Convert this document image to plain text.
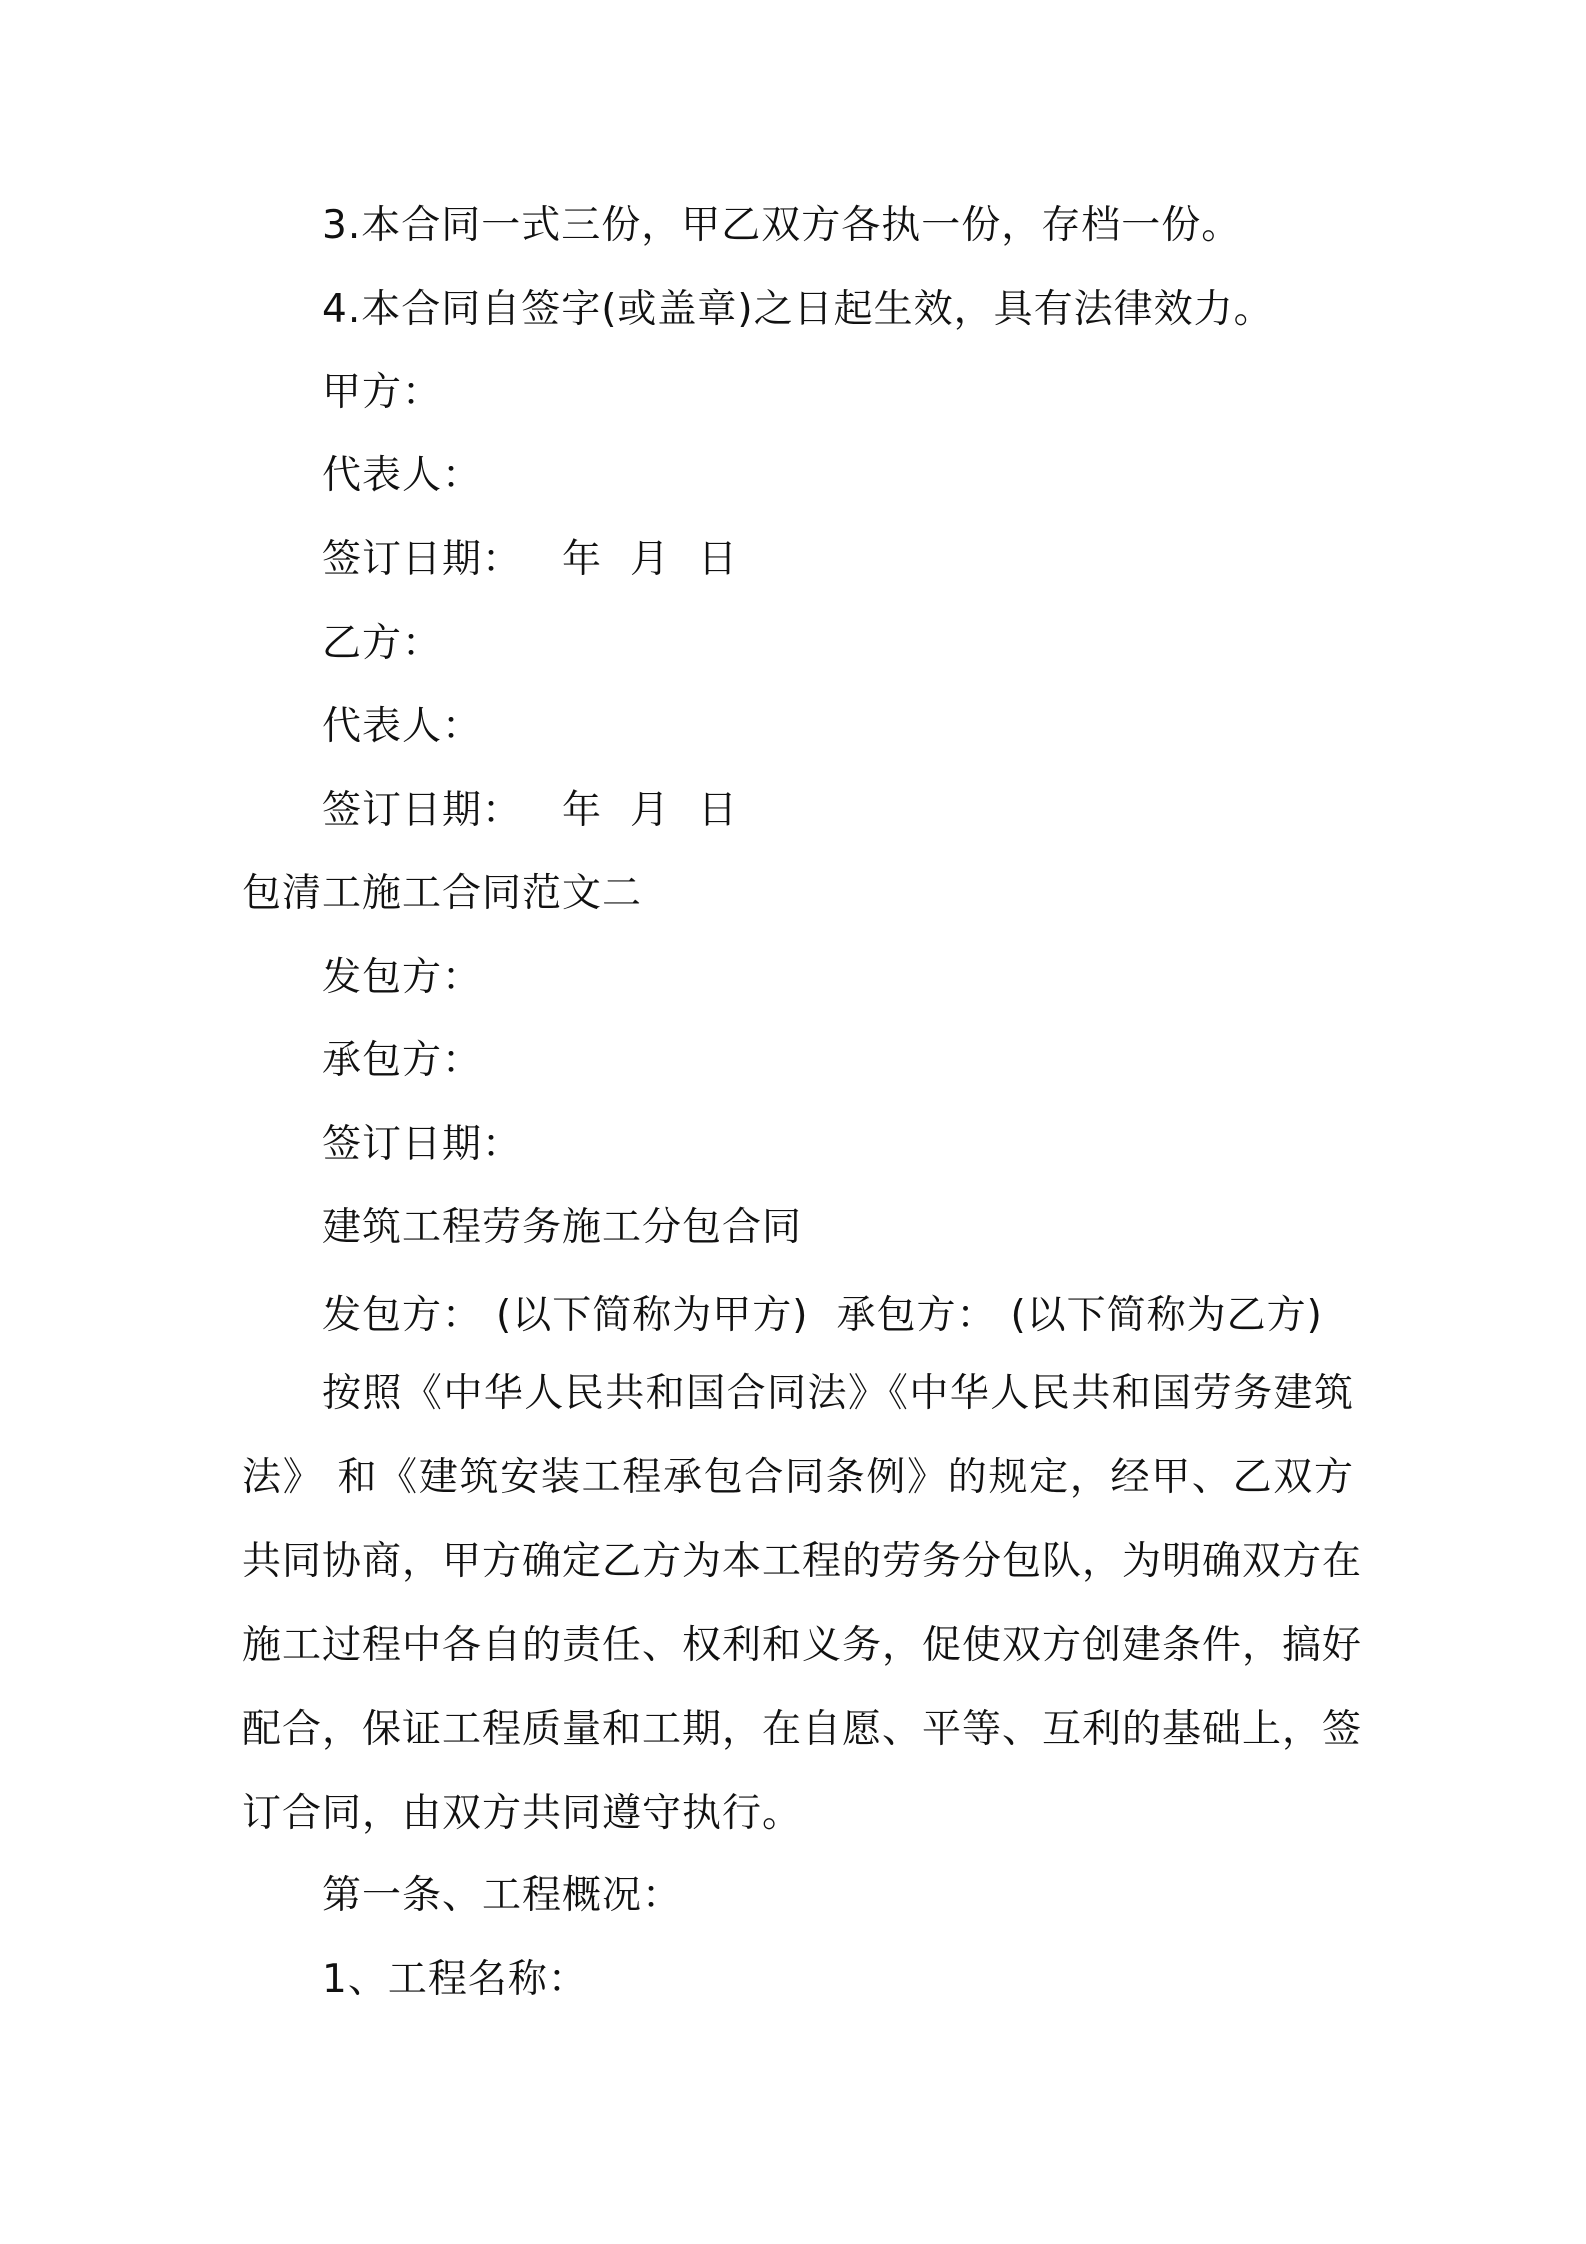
3.本合同一式三份，甲乙双方各执一份，存档一份。
4.本合同自签字(或盖章)之日起生效，具有法律效力。
甲方：
代表人：
签订日期： 年 月 日
乙方：
代表人：
签订日期： 年 月 日
包清工施工合同范文二
发包方：
承包方：
签订日期：
建筑工程劳务施工分包合同
发包方： (以下简称为甲方) 承包方： (以下简称为乙方)
按照《中华人民共和国合同法》《中华人民共和国劳务建筑
法》 和《建筑安装工程承包合同条例》的规定，经甲、乙双方
共同协商，甲方确定乙方为本工程的劳务分包队，为明确双方在
施工过程中各自的责任、权利和义务，促使双方创建条件，搞好
配合，保证工程质量和工期，在自愿、平等、互利的基础上，签
订合同，由双方共同遵守执行。
第一条、工程概况：
1、工程名称：
